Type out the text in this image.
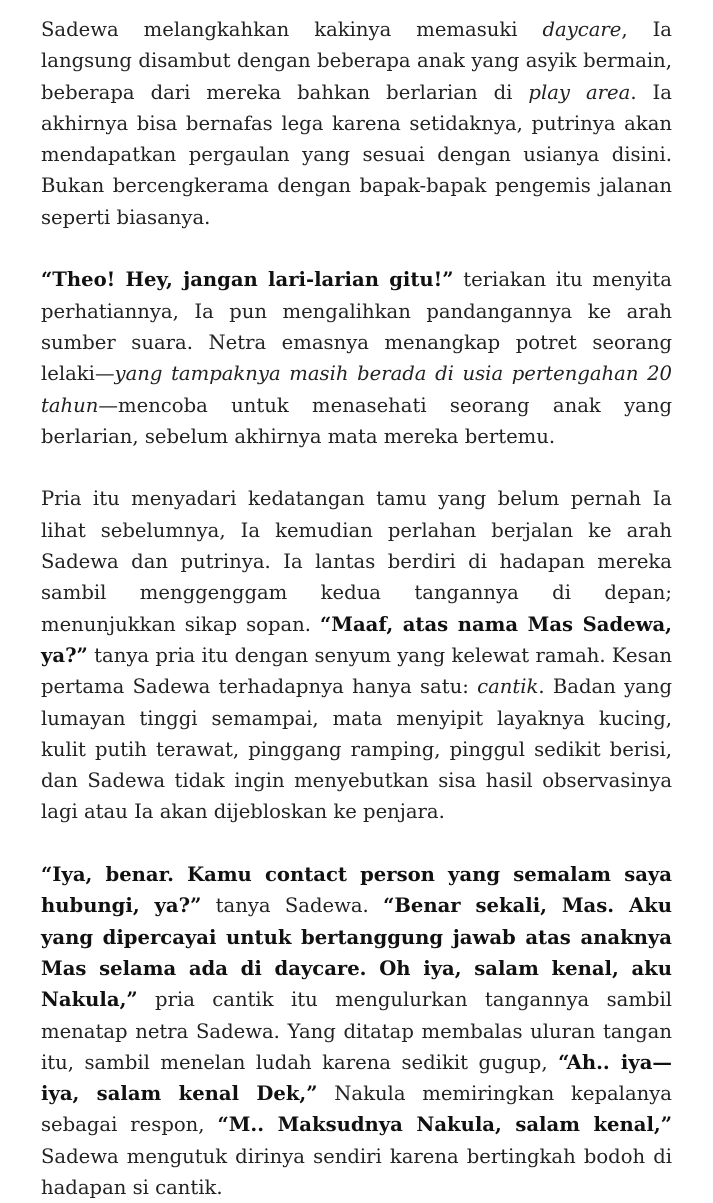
Sadewa melangkahkan kakinya memasuki daycare, Ia langsung disambut dengan beberapa anak yang asyik bermain, beberapa dari mereka bahkan berlarian di play area. Ia akhirnya bisa bernafas lega karena setidaknya, putrinya akan mendapatkan pergaulan yang sesuai dengan usianya disini. Bukan bercengkerama dengan bapak-bapak pengemis jalanan seperti biasanya.

“Theo! Hey, jangan lari-larian gitu!” teriakan itu menyita perhatiannya, Ia pun mengalihkan pandangannya ke arah sumber suara. Netra emasnya menangkap potret seorang lelaki—yang tampaknya masih berada di usia pertengahan 20 tahun—mencoba untuk menasehati seorang anak yang berlarian, sebelum akhirnya mata mereka bertemu.

Pria itu menyadari kedatangan tamu yang belum pernah Ia lihat sebelumnya, Ia kemudian perlahan berjalan ke arah Sadewa dan putrinya. Ia lantas berdiri di hadapan mereka sambil menggenggam kedua tangannya di depan; menunjukkan sikap sopan. “Maaf, atas nama Mas Sadewa, ya?” tanya pria itu dengan senyum yang kelewat ramah. Kesan pertama Sadewa terhadapnya hanya satu: cantik. Badan yang lumayan tinggi semampai, mata menyipit layaknya kucing, kulit putih terawat, pinggang ramping, pinggul sedikit berisi, dan Sadewa tidak ingin menyebutkan sisa hasil observasinya lagi atau Ia akan dijebloskan ke penjara.

“Iya, benar. Kamu contact person yang semalam saya hubungi, ya?” tanya Sadewa. “Benar sekali, Mas. Aku yang dipercayai untuk bertanggung jawab atas anaknya Mas selama ada di daycare. Oh iya, salam kenal, aku Nakula,” pria cantik itu mengulurkan tangannya sambil menatap netra Sadewa. Yang ditatap membalas uluran tangan itu, sambil menelan ludah karena sedikit gugup, “Ah.. iya— iya, salam kenal Dek,” Nakula memiringkan kepalanya sebagai respon, “M.. Maksudnya Nakula, salam kenal,” Sadewa mengutuk dirinya sendiri karena bertingkah bodoh di hadapan si cantik.
